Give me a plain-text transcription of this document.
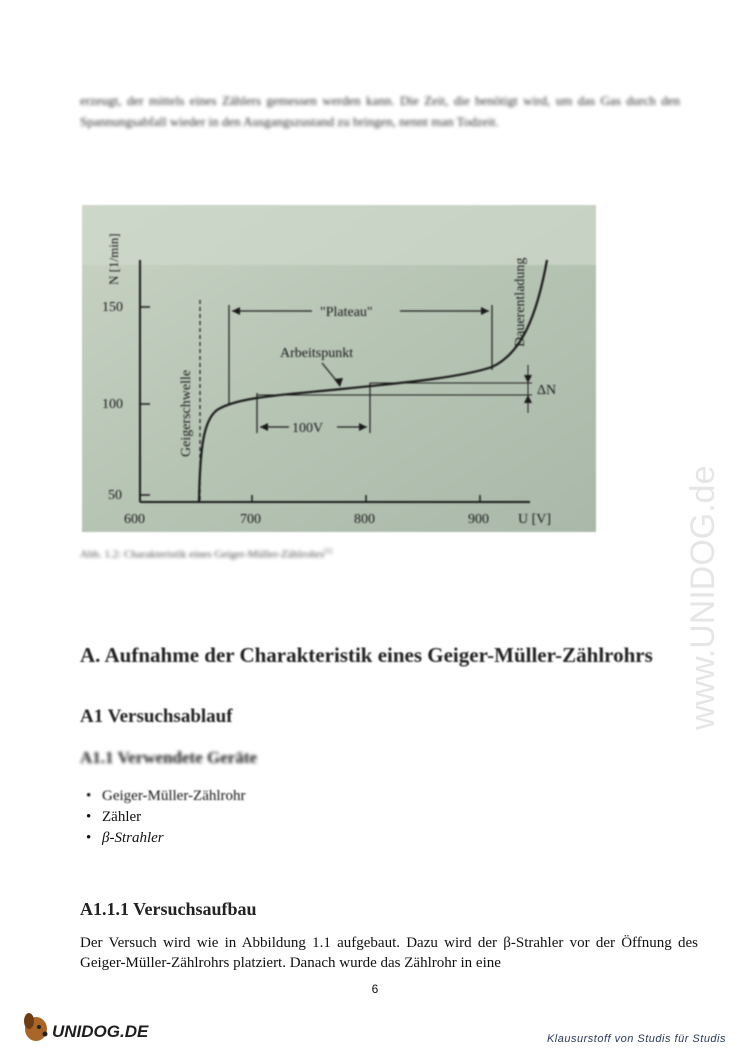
erzeugt, der mittels eines Zählers gemessen werden kann. Die Zeit, die benötigt wird, um das Gas durch den Spannungsabfall wieder in den Ausgangszustand zu bringen, nennt man Todzeit.
150
100
50
600	700	800	900 U [V]
N [1/min]
Geigerschwelle
"Plateau"
Arbeitspunkt
100V
ΔN
Dauerentladung
Abb. 1.2: Charakteristik eines Geiger-Müller-Zählrohrs[1]
A. Aufnahme der Charakteristik eines Geiger-Müller-Zählrohrs
A1 Versuchsablauf
A1.1 Verwendete Geräte
• Geiger-Müller-Zählrohr
• Zähler
• β-Strahler
A1.1.1 Versuchsaufbau
Der Versuch wird wie in Abbildung 1.1 aufgebaut. Dazu wird der β-Strahler vor der Öffnung des Geiger-Müller-Zählrohrs platziert. Danach wurde das Zählrohr in eine
6
www.UNIDOG.de
UNIDOG.DE	Klausurstoff von Studis für Studis
